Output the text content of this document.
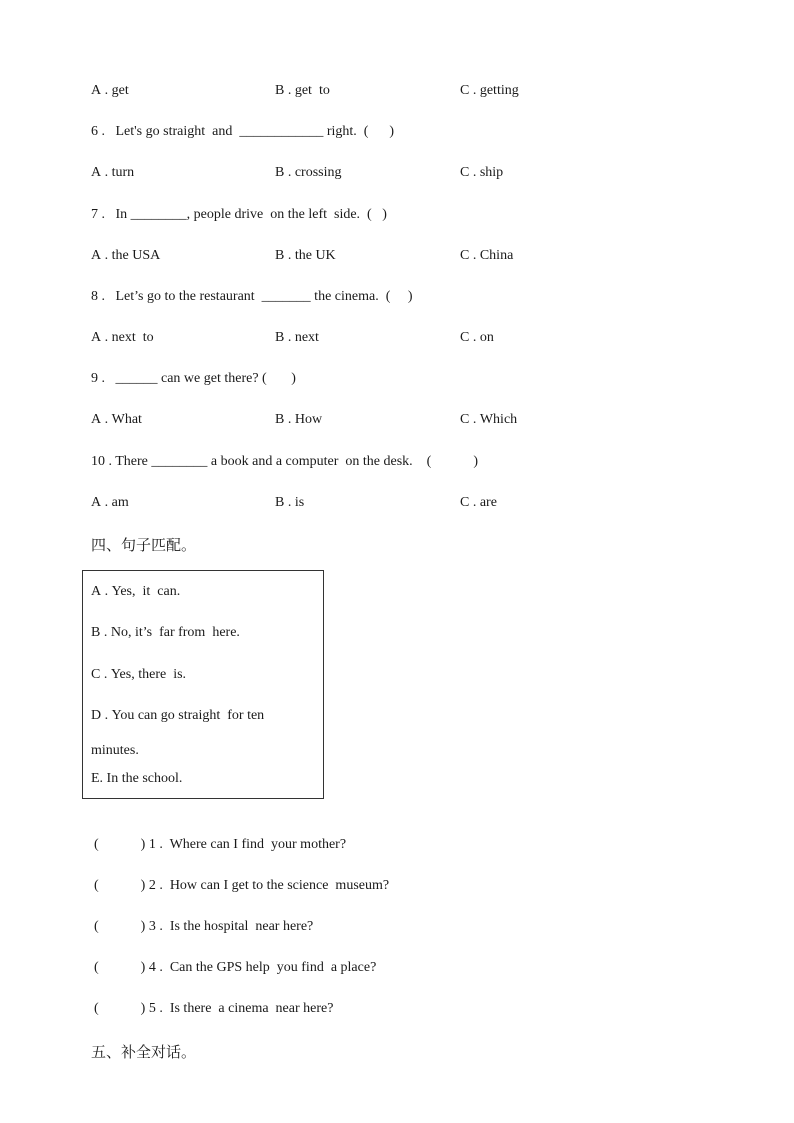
A . get	B . get  to	C . getting
6 .   Let's go straight  and  ____________ right.  (      )
A . turn	B . crossing	C . ship
7 .   In ________, people drive  on the left  side.  (   )
A . the USA	B . the UK	C . China
8 .   Let’s go to the restaurant  _______ the cinema.  (     )
A . next  to	B . next	C . on
9 .   ______ can we get there? (       )
A . What	B . How	C . Which
10 . There ________ a book and a computer  on the desk.    (            )
A . am	B . is	C . are
四、句子匹配。
A . Yes,  it  can.
B . No, it’s  far from  here.
C . Yes, there  is.
D . You can go straight  for ten
minutes.
E. In the school.
(            ) 1 .  Where can I find  your mother?
(            ) 2 .  How can I get to the science  museum?
(            ) 3 .  Is the hospital  near here?
(            ) 4 .  Can the GPS help  you find  a place?
(            ) 5 .  Is there  a cinema  near here?
五、补全对话。
